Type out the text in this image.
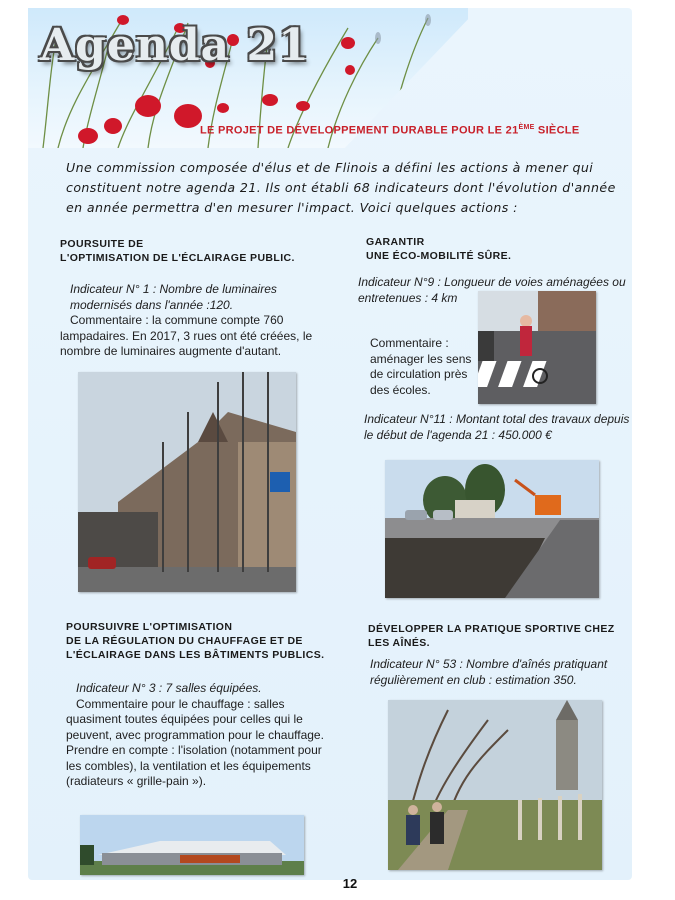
Agenda 21

LE PROJET DE DÉVELOPPEMENT DURABLE POUR LE 21ÈME SIÈCLE

Une commission composée d'élus et de Flinois a défini les actions à mener qui constituent notre agenda 21. Ils ont établi 68 indicateurs dont l'évolution d'année en année permettra d'en mesurer l'impact. Voici quelques actions :

POURSUITE DE
L'OPTIMISATION DE L'ÉCLAIRAGE PUBLIC.
Indicateur N° 1 : Nombre de luminaires modernisés dans l'année :120.
Commentaire : la commune compte 760 lampadaires. En 2017, 3 rues ont été créées, le nombre de luminaires augmente d'autant.
GARANTIR
UNE ÉCO-MOBILITÉ SÛRE.

Indicateur N°9 : Longueur de voies aménagées ou entretenues : 4 km

Commentaire : aménager les sens de circulation près des écoles.

Indicateur N°11 : Montant total des travaux depuis le début de l'agenda 21 : 450.000 €

POURSUIVRE L'OPTIMISATION
DE LA RÉGULATION DU CHAUFFAGE ET DE
L'ÉCLAIRAGE DANS LES BÂTIMENTS PUBLICS.
Indicateur N° 3 : 7 salles équipées.
Commentaire pour le chauffage : salles quasiment toutes équipées pour celles qui le peuvent, avec programmation pour le chauffage. Prendre en compte : l'isolation (notamment pour les combles), la ventilation et les équipements (radiateurs « grille-pain »).
DÉVELOPPER LA PRATIQUE SPORTIVE CHEZ
LES AÎNÉS.

Indicateur N° 53 : Nombre d'aînés pratiquant régulièrement en club : estimation 350.

12
